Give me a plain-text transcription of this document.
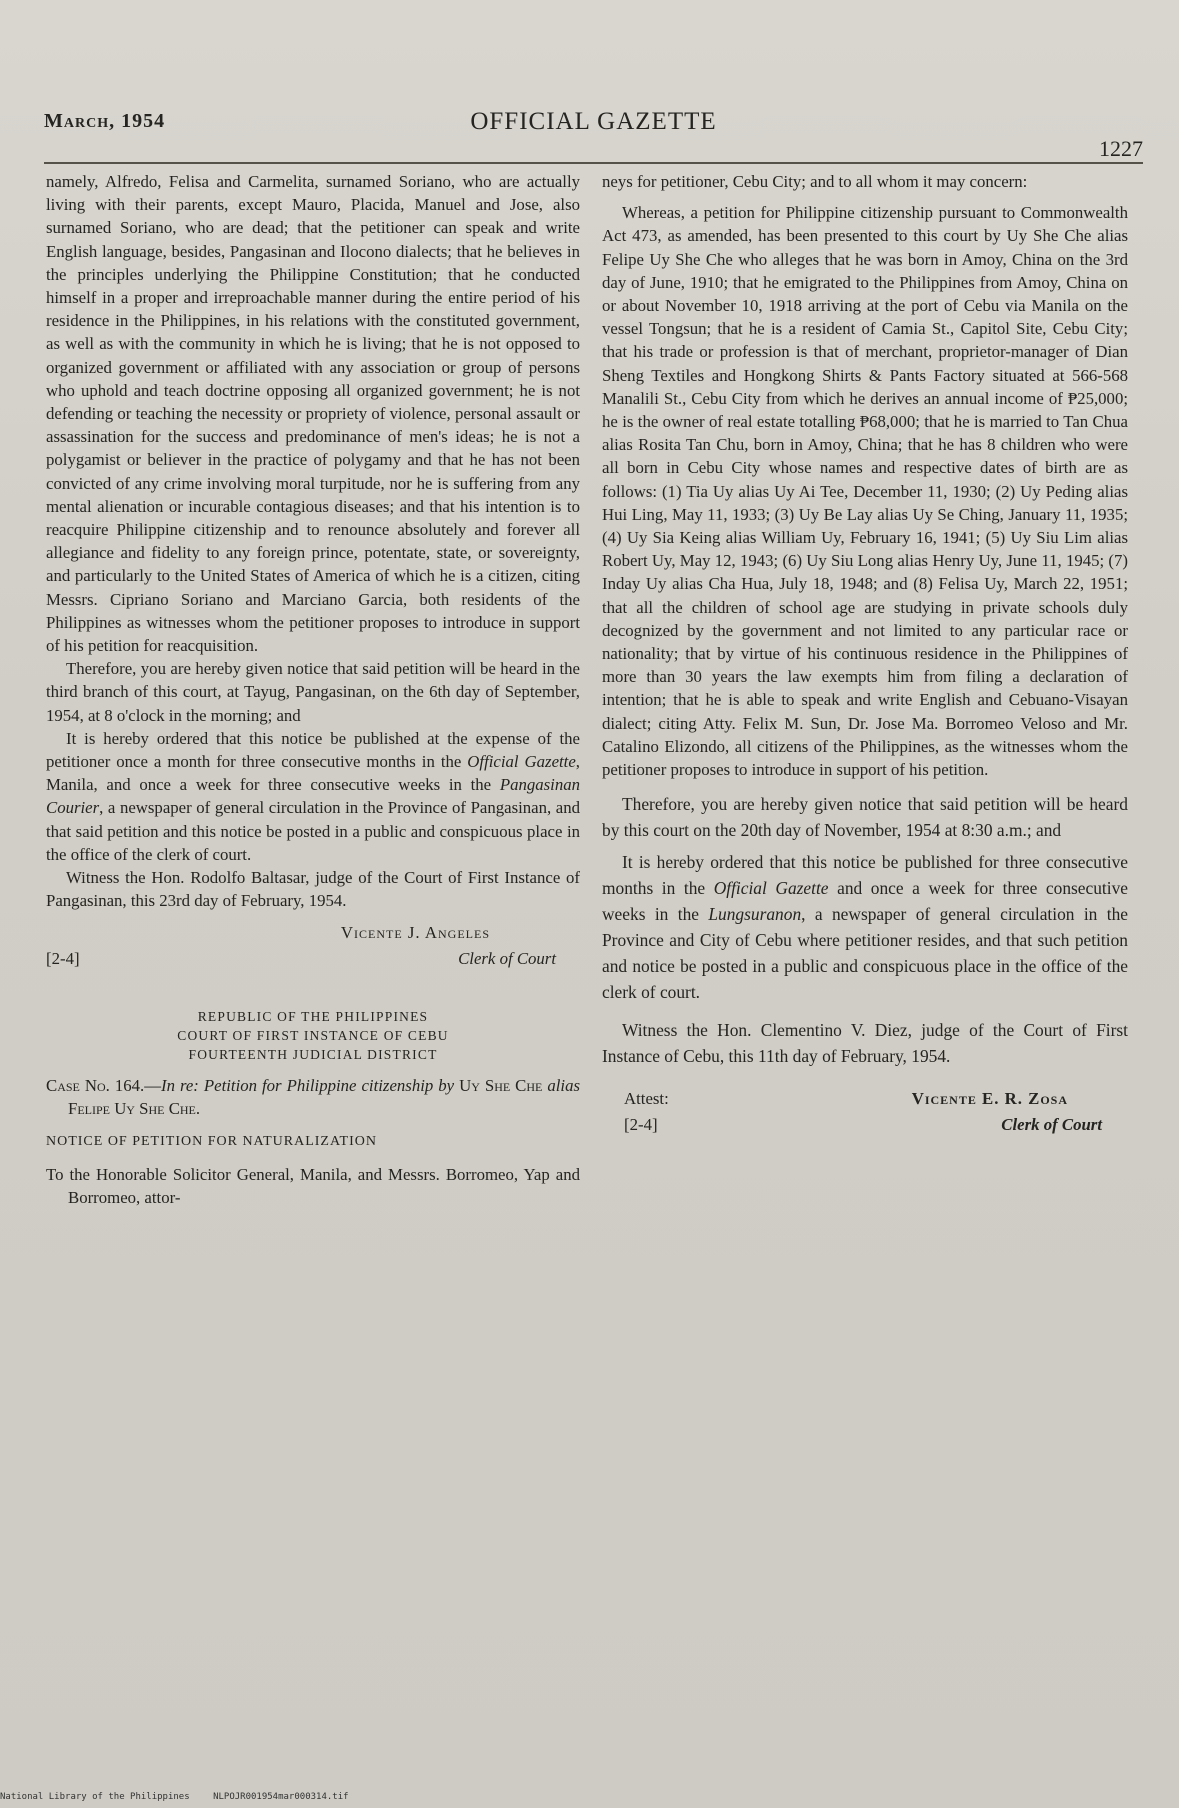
March, 1954	OFFICIAL GAZETTE
1227

namely, Alfredo, Felisa and Carmelita, surnamed Soriano, who are actually living with their parents, except Mauro, Placida, Manuel and Jose, also surnamed Soriano, who are dead; that the petitioner can speak and write English language, besides, Pangasinan and Ilocono dialects; that he believes in the principles underlying the Philippine Constitution; that he conducted himself in a proper and irreproachable manner during the entire period of his residence in the Philippines, in his relations with the constituted government, as well as with the community in which he is living; that he is not opposed to organized government or affiliated with any association or group of persons who uphold and teach doctrine opposing all organized government; he is not defending or teaching the necessity or propriety of violence, personal assault or assassination for the success and predominance of men's ideas; he is not a polygamist or believer in the practice of polygamy and that he has not been convicted of any crime involving moral turpitude, nor he is suffering from any mental alienation or incurable contagious diseases; and that his intention is to reacquire Philippine citizenship and to renounce absolutely and forever all allegiance and fidelity to any foreign prince, potentate, state, or sovereignty, and particularly to the United States of America of which he is a citizen, citing Messrs. Cipriano Soriano and Marciano Garcia, both residents of the Philippines as witnesses whom the petitioner proposes to introduce in support of his petition for reacquisition.

Therefore, you are hereby given notice that said petition will be heard in the third branch of this court, at Tayug, Pangasinan, on the 6th day of September, 1954, at 8 o'clock in the morning; and

It is hereby ordered that this notice be published at the expense of the petitioner once a month for three consecutive months in the Official Gazette, Manila, and once a week for three consecutive weeks in the Pangasinan Courier, a newspaper of general circulation in the Province of Pangasinan, and that said petition and this notice be posted in a public and conspicuous place in the office of the clerk of court.

Witness the Hon. Rodolfo Baltasar, judge of the Court of First Instance of Pangasinan, this 23rd day of February, 1954.

Vicente J. Angeles
[2-4]	Clerk of Court
REPUBLIC OF THE PHILIPPINES
COURT OF FIRST INSTANCE OF CEBU
FOURTEENTH JUDICIAL DISTRICT

Case No. 164.—In re: Petition for Philippine citizenship by Uy She Che alias Felipe Uy She Che.

NOTICE OF PETITION FOR NATURALIZATION

To the Honorable Solicitor General, Manila, and Messrs. Borromeo, Yap and Borromeo, attor-

neys for petitioner, Cebu City; and to all whom it may concern:

Whereas, a petition for Philippine citizenship pursuant to Commonwealth Act 473, as amended, has been presented to this court by Uy She Che alias Felipe Uy She Che who alleges that he was born in Amoy, China on the 3rd day of June, 1910; that he emigrated to the Philippines from Amoy, China on or about November 10, 1918 arriving at the port of Cebu via Manila on the vessel Tongsun; that he is a resident of Camia St., Capitol Site, Cebu City; that his trade or profession is that of merchant, proprietor-manager of Dian Sheng Textiles and Hongkong Shirts & Pants Factory situated at 566-568 Manalili St., Cebu City from which he derives an annual income of ₱25,000; he is the owner of real estate totalling ₱68,000; that he is married to Tan Chua alias Rosita Tan Chu, born in Amoy, China; that he has 8 children who were all born in Cebu City whose names and respective dates of birth are as follows: (1) Tia Uy alias Uy Ai Tee, December 11, 1930; (2) Uy Peding alias Hui Ling, May 11, 1933; (3) Uy Be Lay alias Uy Se Ching, January 11, 1935; (4) Uy Sia Keing alias William Uy, February 16, 1941; (5) Uy Siu Lim alias Robert Uy, May 12, 1943; (6) Uy Siu Long alias Henry Uy, June 11, 1945; (7) Inday Uy alias Cha Hua, July 18, 1948; and (8) Felisa Uy, March 22, 1951; that all the children of school age are studying in private schools duly decognized by the government and not limited to any particular race or nationality; that by virtue of his continuous residence in the Philippines of more than 30 years the law exempts him from filing a declaration of intention; that he is able to speak and write English and Cebuano-Visayan dialect; citing Atty. Felix M. Sun, Dr. Jose Ma. Borromeo Veloso and Mr. Catalino Elizondo, all citizens of the Philippines, as the witnesses whom the petitioner proposes to introduce in support of his petition.

Therefore, you are hereby given notice that said petition will be heard by this court on the 20th day of November, 1954 at 8:30 a.m.; and

It is hereby ordered that this notice be published for three consecutive months in the Official Gazette and once a week for three consecutive weeks in the Lungsuranon, a newspaper of general circulation in the Province and City of Cebu where petitioner resides, and that such petition and notice be posted in a public and conspicuous place in the office of the clerk of court.

Witness the Hon. Clementino V. Diez, judge of the Court of First Instance of Cebu, this 11th day of February, 1954.

Attest:
[2-4]
Vicente E. R. Zosa
Clerk of Court
National Library of the Philippines	NLPOJR001954mar000314.tif
